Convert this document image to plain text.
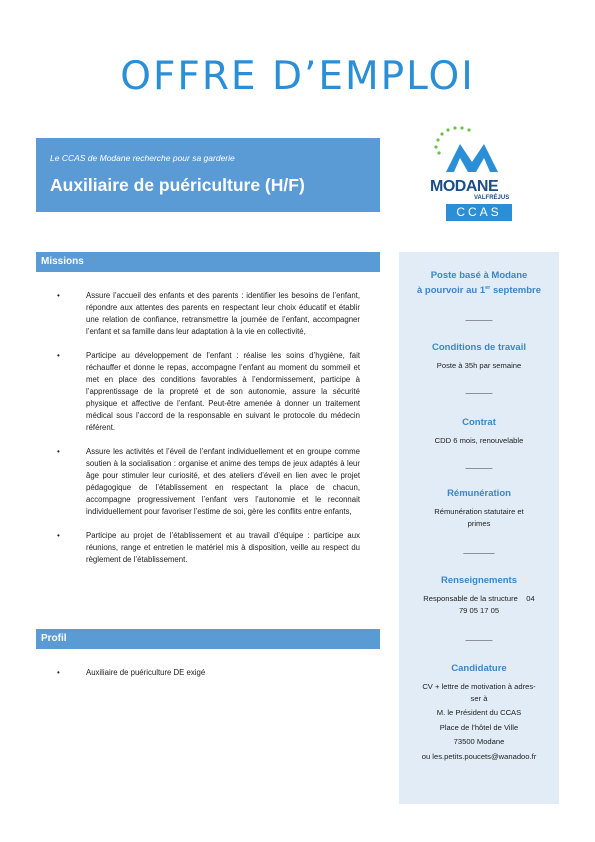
OFFRE D’EMPLOI
Le CCAS de Modane recherche pour sa garderie
Auxiliaire de puériculture (H/F)	MODANE
VALFRÉJUS
CCAS
Missions
• Assure l’accueil des enfants et des parents : identifier les besoins de l’enfant, répondre aux attentes des parents en respectant leur choix éducatif et établir une relation de confiance, retransmettre la journée de l’enfant, accompagner l’enfant et sa famille dans leur adaptation à la vie en collectivité,
• Participe au développement de l’enfant : réalise les soins d’hygiène, fait réchauffer et donne le repas, accompagne l’enfant au moment du sommeil et met en place des conditions favorables à l’endormissement, participe à l’apprentissage de la propreté et de son autonomie, assure la sécurité physique et affective de l’enfant. Peut-être amenée à donner un traitement médical sous l’accord de la responsable en suivant le protocole du médecin référent.
• Assure les activités et l’éveil de l’enfant individuellement et en groupe comme soutien à la socialisation : organise et anime des temps de jeux adaptés à leur âge pour stimuler leur curiosité, et des ateliers d’éveil en lien avec le projet pédagogique de l’établissement en respectant la place de chacun, accompagne progressivement l’enfant vers l’autonomie et le reconnait individuellement pour favoriser l’estime de soi, gère les conflits entre enfants,
• Participe au projet de l’établissement et au travail d’équipe : participe aux réunions, range et entretien le matériel mis à disposition, veille au respect du règlement de l’établissement.
Profil
• Auxiliaire de puériculture DE exigé
Poste basé à Modane
à pourvoir au 1er septembre
______
Conditions de travail
Poste à 35h par semaine
______
Contrat
CDD 6 mois, renouvelable
______
Rémunération
Rémunération statutaire et
primes
_______
Renseignements
Responsable de la structure    04
79 05 17 05
______
Candidature
CV + lettre de motivation à adres-
ser à
M. le Président du CCAS
Place de l’hôtel de Ville
73500 Modane
ou les.petits.poucets@wanadoo.fr
